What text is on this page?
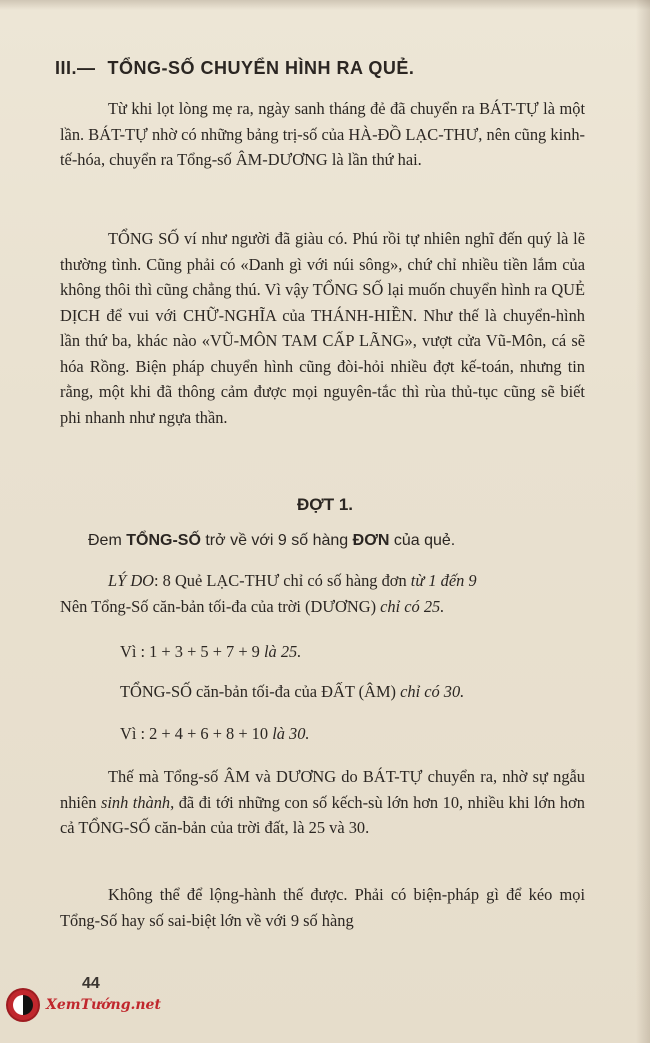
III.— TỔNG-SỐ CHUYỂN HÌNH RA QUẺ.

Từ khi lọt lòng mẹ ra, ngày sanh tháng đẻ đã chuyển ra BÁT-TỰ là một lần. BÁT-TỰ nhờ có những bảng trị-số của HÀ-ĐỒ LẠC-THƯ, nên cũng kinh-tế-hóa, chuyển ra Tổng-số ÂM-DƯƠNG là lần thứ hai.

TỔNG SỐ ví như người đã giàu có. Phú rồi tự nhiên nghĩ đến quý là lẽ thường tình. Cũng phải có «Danh gì với núi sông», chứ chỉ nhiều tiền lắm của không thôi thì cũng chẳng thú. Vì vậy TỔNG SỐ lại muốn chuyển hình ra QUẺ DỊCH để vui với CHỮ-NGHĨA của THÁNH-HIỀN. Như thế là chuyển-hình lần thứ ba, khác nào «VŨ-MÔN TAM CẤP LÃNG», vượt cửa Vũ-Môn, cá sẽ hóa Rồng. Biện pháp chuyển hình cũng đòi-hỏi nhiều đợt kế-toán, nhưng tin rằng, một khi đã thông cảm được mọi nguyên-tắc thì rùa thủ-tục cũng sẽ biết phi nhanh như ngựa thần.

ĐỢT 1.

Đem TỔNG-SỐ trở về với 9 số hàng ĐƠN của quẻ.

LÝ DO: 8 Quẻ LẠC-THƯ chỉ có số hàng đơn từ 1 đến 9
Nên Tổng-Số căn-bản tối-đa của trời (DƯƠNG) chỉ có 25.

Vì : 1 + 3 + 5 + 7 + 9 là 25.

TỔNG-SỐ căn-bản tối-đa của ĐẤT (ÂM) chỉ có 30.

Vì : 2 + 4 + 6 + 8 + 10 là 30.

Thế mà Tổng-số ÂM và DƯƠNG do BÁT-TỰ chuyển ra, nhờ sự ngẫu nhiên sinh thành, đã đi tới những con số kếch-sù lớn hơn 10, nhiều khi lớn hơn cả TỔNG-SỐ căn-bản của trời đất, là 25 và 30.

Không thể để lộng-hành thế được. Phải có biện-pháp gì để kéo mọi Tổng-Số hay số sai-biệt lớn về với 9 số hàng

44
XemTướng.net
